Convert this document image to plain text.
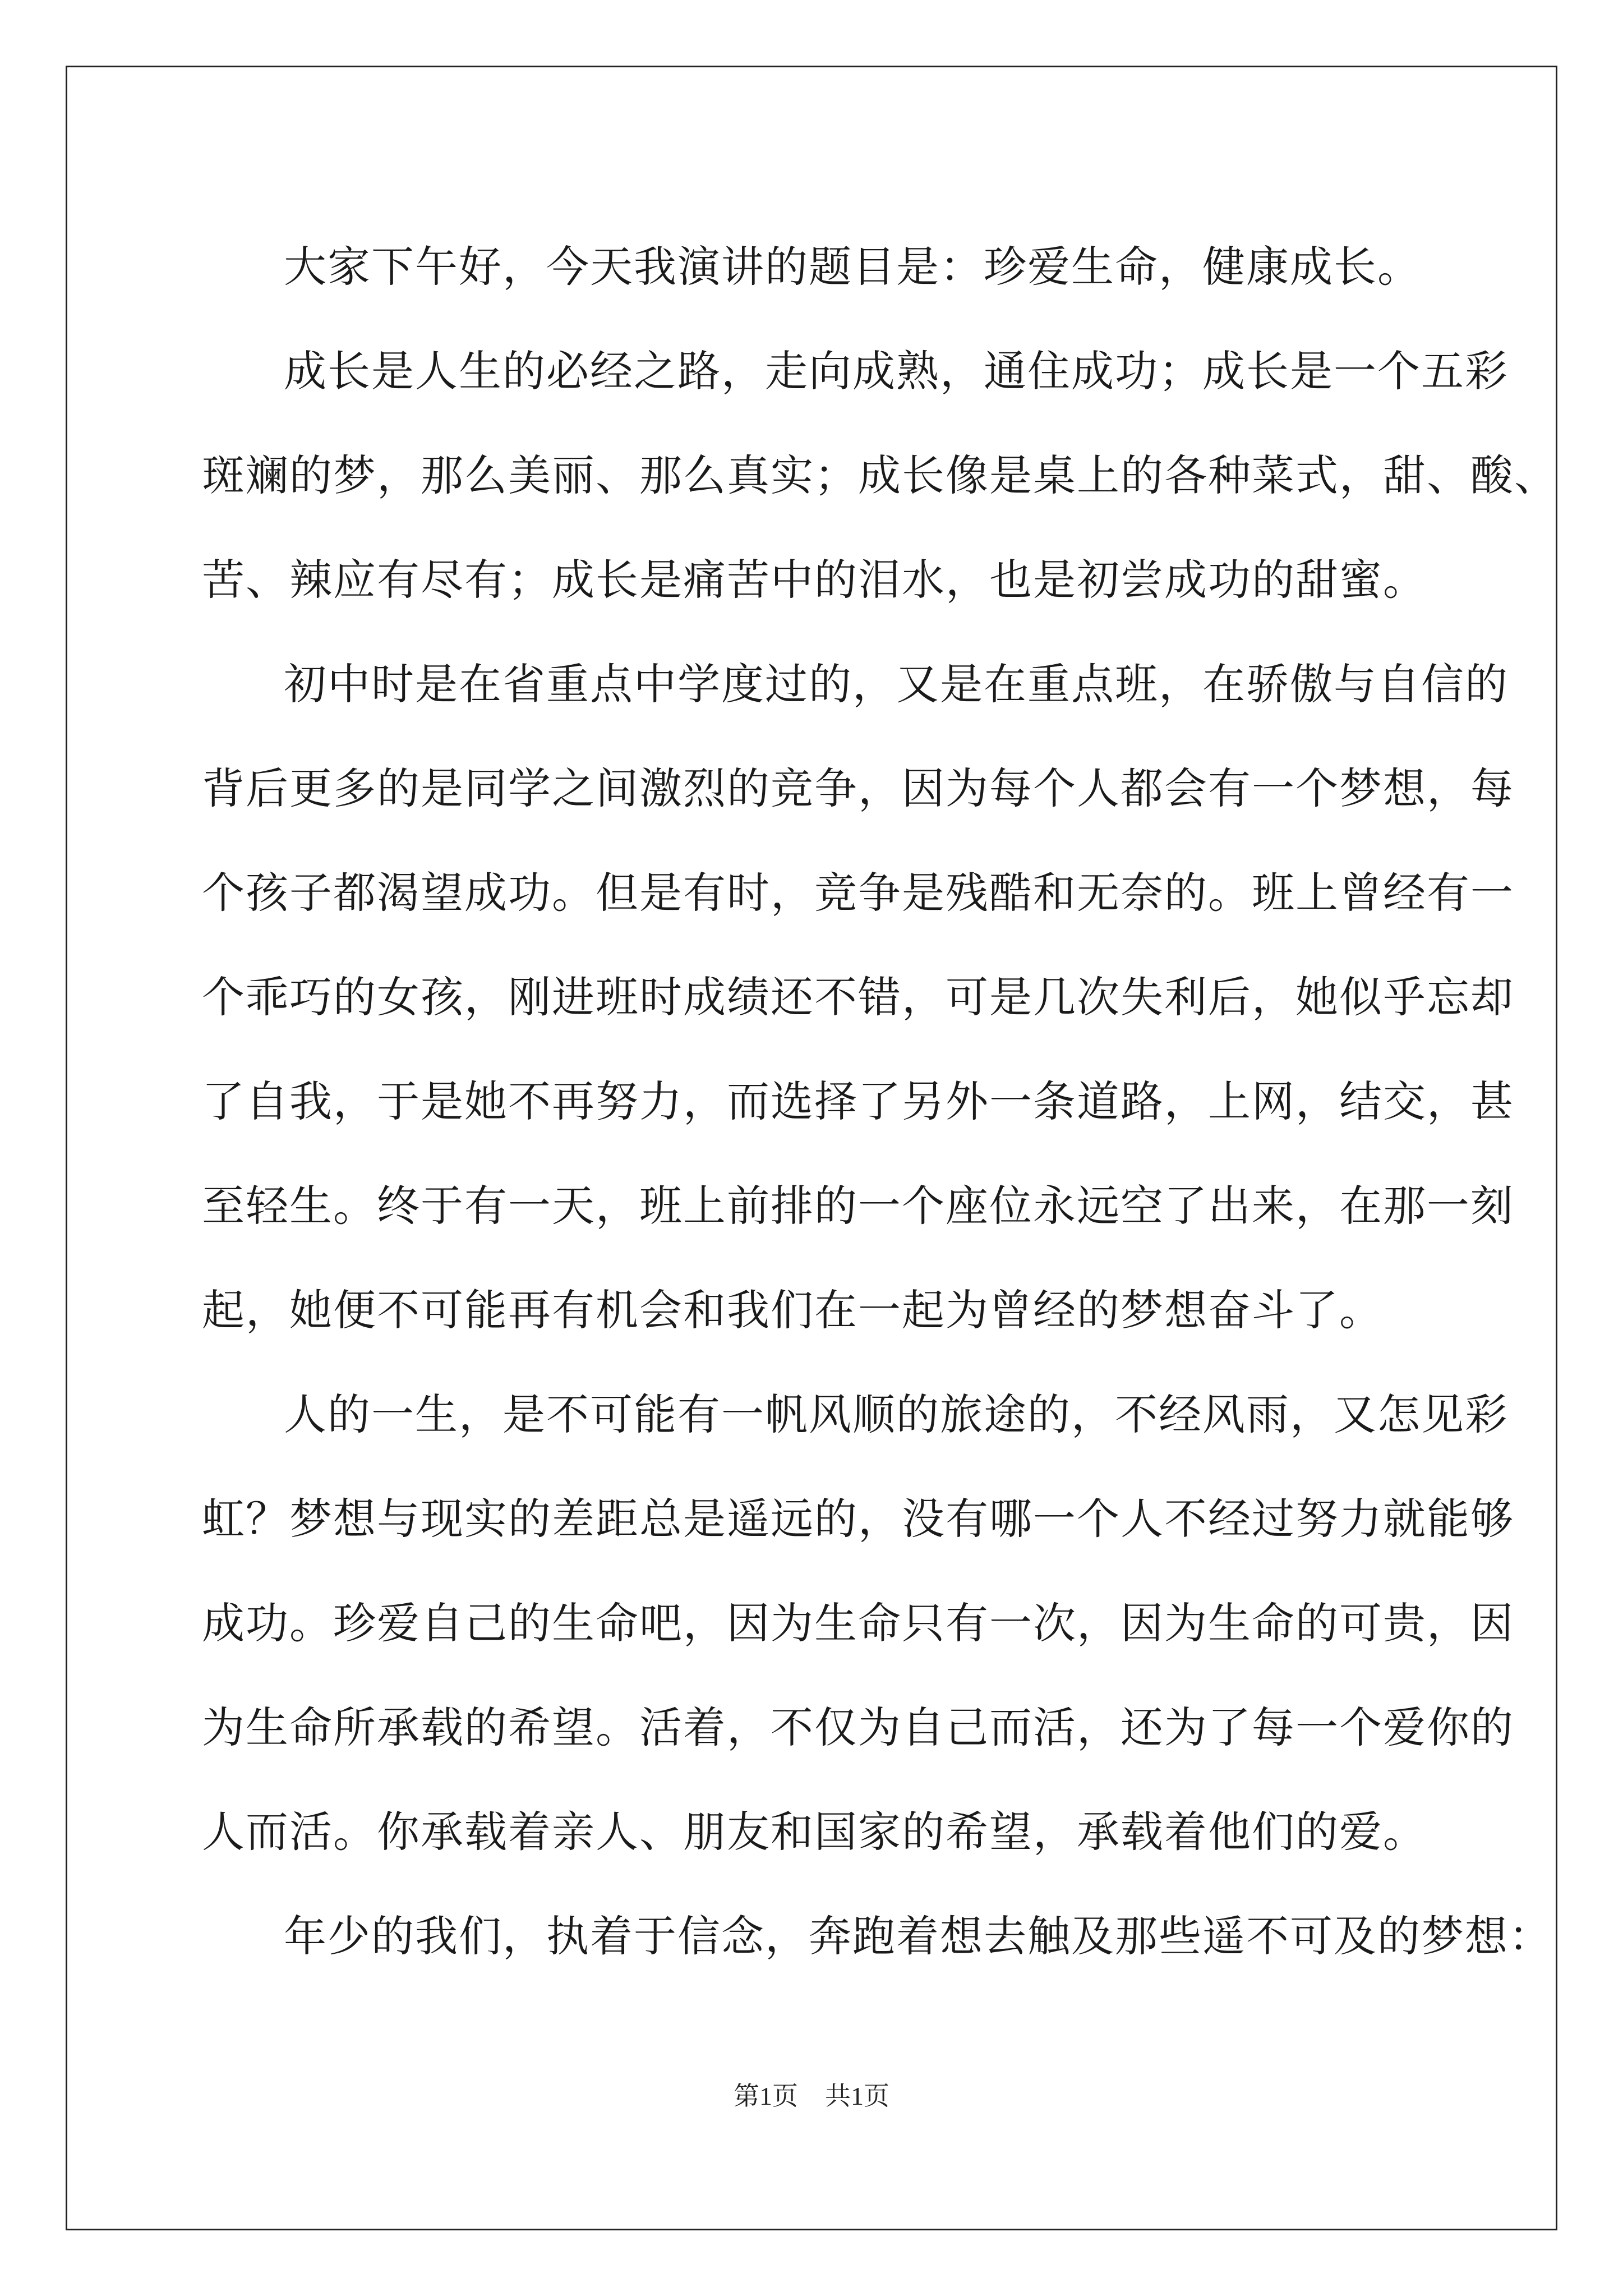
大家下午好，今天我演讲的题目是：珍爱生命，健康成长。
成长是人生的必经之路，走向成熟，通住成功；成长是一个五彩
斑斓的梦，那么美丽、那么真实；成长像是桌上的各种菜式，甜、酸、
苦、辣应有尽有；成长是痛苦中的泪水，也是初尝成功的甜蜜。
初中时是在省重点中学度过的，又是在重点班，在骄傲与自信的
背后更多的是同学之间激烈的竞争，因为每个人都会有一个梦想，每
个孩子都渴望成功。但是有时，竞争是残酷和无奈的。班上曾经有一
个乖巧的女孩，刚进班时成绩还不错，可是几次失利后，她似乎忘却
了自我，于是她不再努力，而选择了另外一条道路，上网，结交，甚
至轻生。终于有一天，班上前排的一个座位永远空了出来，在那一刻
起，她便不可能再有机会和我们在一起为曾经的梦想奋斗了。
人的一生，是不可能有一帆风顺的旅途的，不经风雨，又怎见彩
虹？梦想与现实的差距总是遥远的，没有哪一个人不经过努力就能够
成功。珍爱自己的生命吧，因为生命只有一次，因为生命的可贵，因
为生命所承载的希望。活着，不仅为自己而活，还为了每一个爱你的
人而活。你承载着亲人、朋友和国家的希望，承载着他们的爱。
年少的我们，执着于信念，奔跑着想去触及那些遥不可及的梦想：
第1页 共1页
